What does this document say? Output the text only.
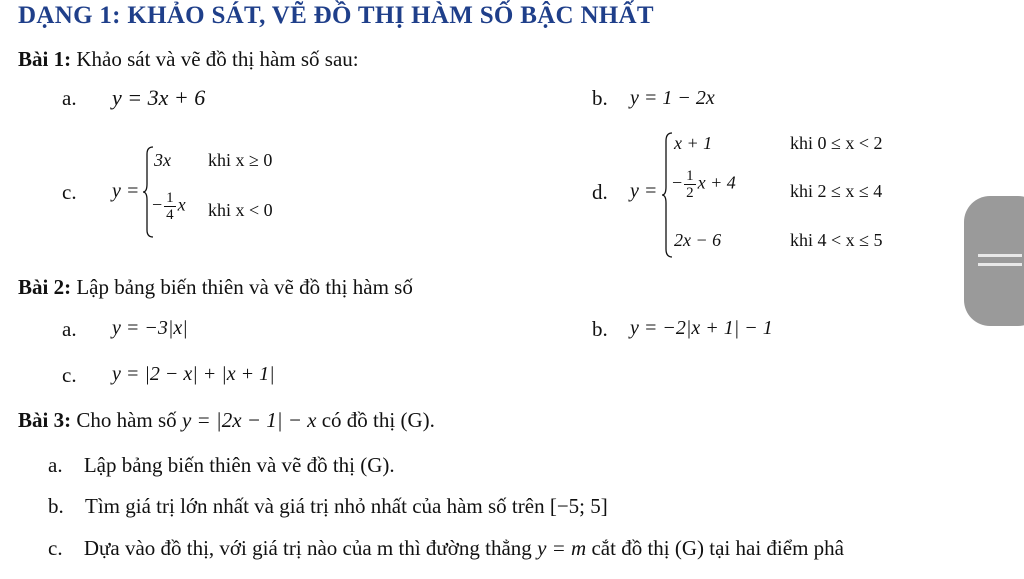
DẠNG 1: KHẢO SÁT, VẼ ĐỒ THỊ HÀM SỐ BẬC NHẤT
Bài 1: Khảo sát và vẽ đồ thị hàm số sau:
a. y = 3x + 6	b. y = 1 − 2x
c. y =
3x khi x ≥ 0
− $\frac{1}{4}$ x khi x < 0
d. y =
x + 1	khi 0 ≤ x < 2
− $\frac{1}{2}$ x + 4	khi 2 ≤ x ≤ 4
2x − 6	khi 4 < x ≤ 5
Bài 2: Lập bảng biến thiên và vẽ đồ thị hàm số
a. y = −3|x|	b. y = −2|x + 1| − 1
c. y = |2 − x| + |x + 1|
Bài 3: Cho hàm số y = |2x − 1| − x có đồ thị (G).
a. Lập bảng biến thiên và vẽ đồ thị (G).
b. Tìm giá trị lớn nhất và giá trị nhỏ nhất của hàm số trên [−5; 5]
c. Dựa vào đồ thị, với giá trị nào của m thì đường thẳng y = m cắt đồ thị (G) tại hai điểm phâ
